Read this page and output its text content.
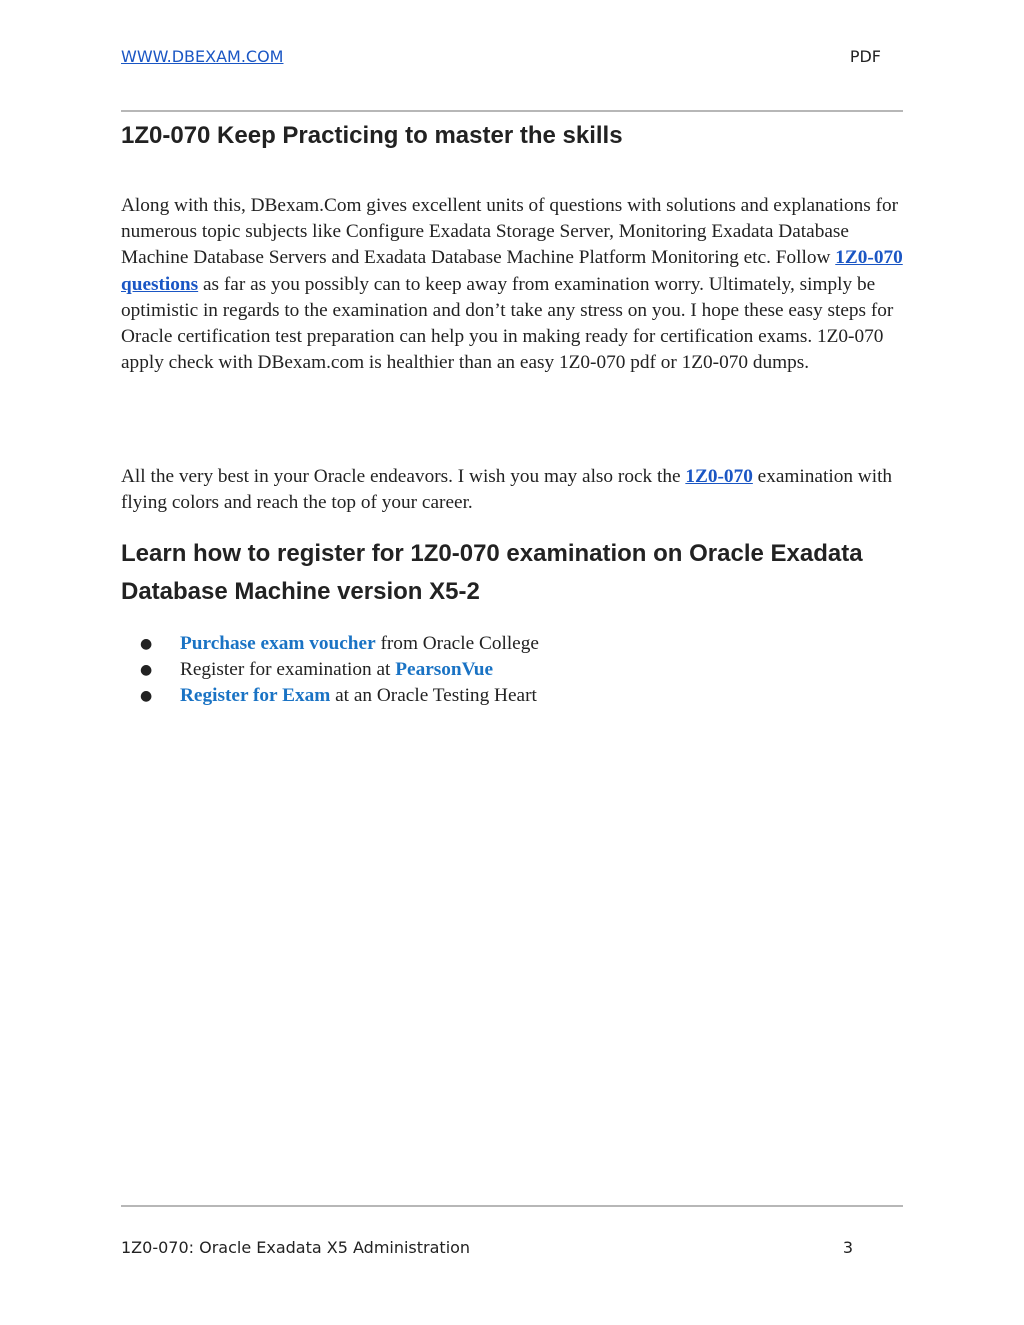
WWW.DBEXAM.COM	PDF
1Z0-070 Keep Practicing to master the skills

Along with this, DBexam.Com gives excellent units of questions with solutions and explanations for numerous topic subjects like Configure Exadata Storage Server, Monitoring Exadata Database Machine Database Servers and Exadata Database Machine Platform Monitoring etc. Follow 1Z0-070 questions as far as you possibly can to keep away from examination worry. Ultimately, simply be optimistic in regards to the examination and don’t take any stress on you. I hope these easy steps for Oracle certification test preparation can help you in making ready for certification exams. 1Z0-070 apply check with DBexam.com is healthier than an easy 1Z0-070 pdf or 1Z0-070 dumps.

All the very best in your Oracle endeavors. I wish you may also rock the 1Z0-070 examination with flying colors and reach the top of your career.

Learn how to register for 1Z0-070 examination on Oracle Exadata Database Machine version X5-2
● Purchase exam voucher from Oracle College
● Register for examination at PearsonVue
● Register for Exam at an Oracle Testing Heart
1Z0-070: Oracle Exadata X5 Administration	3
